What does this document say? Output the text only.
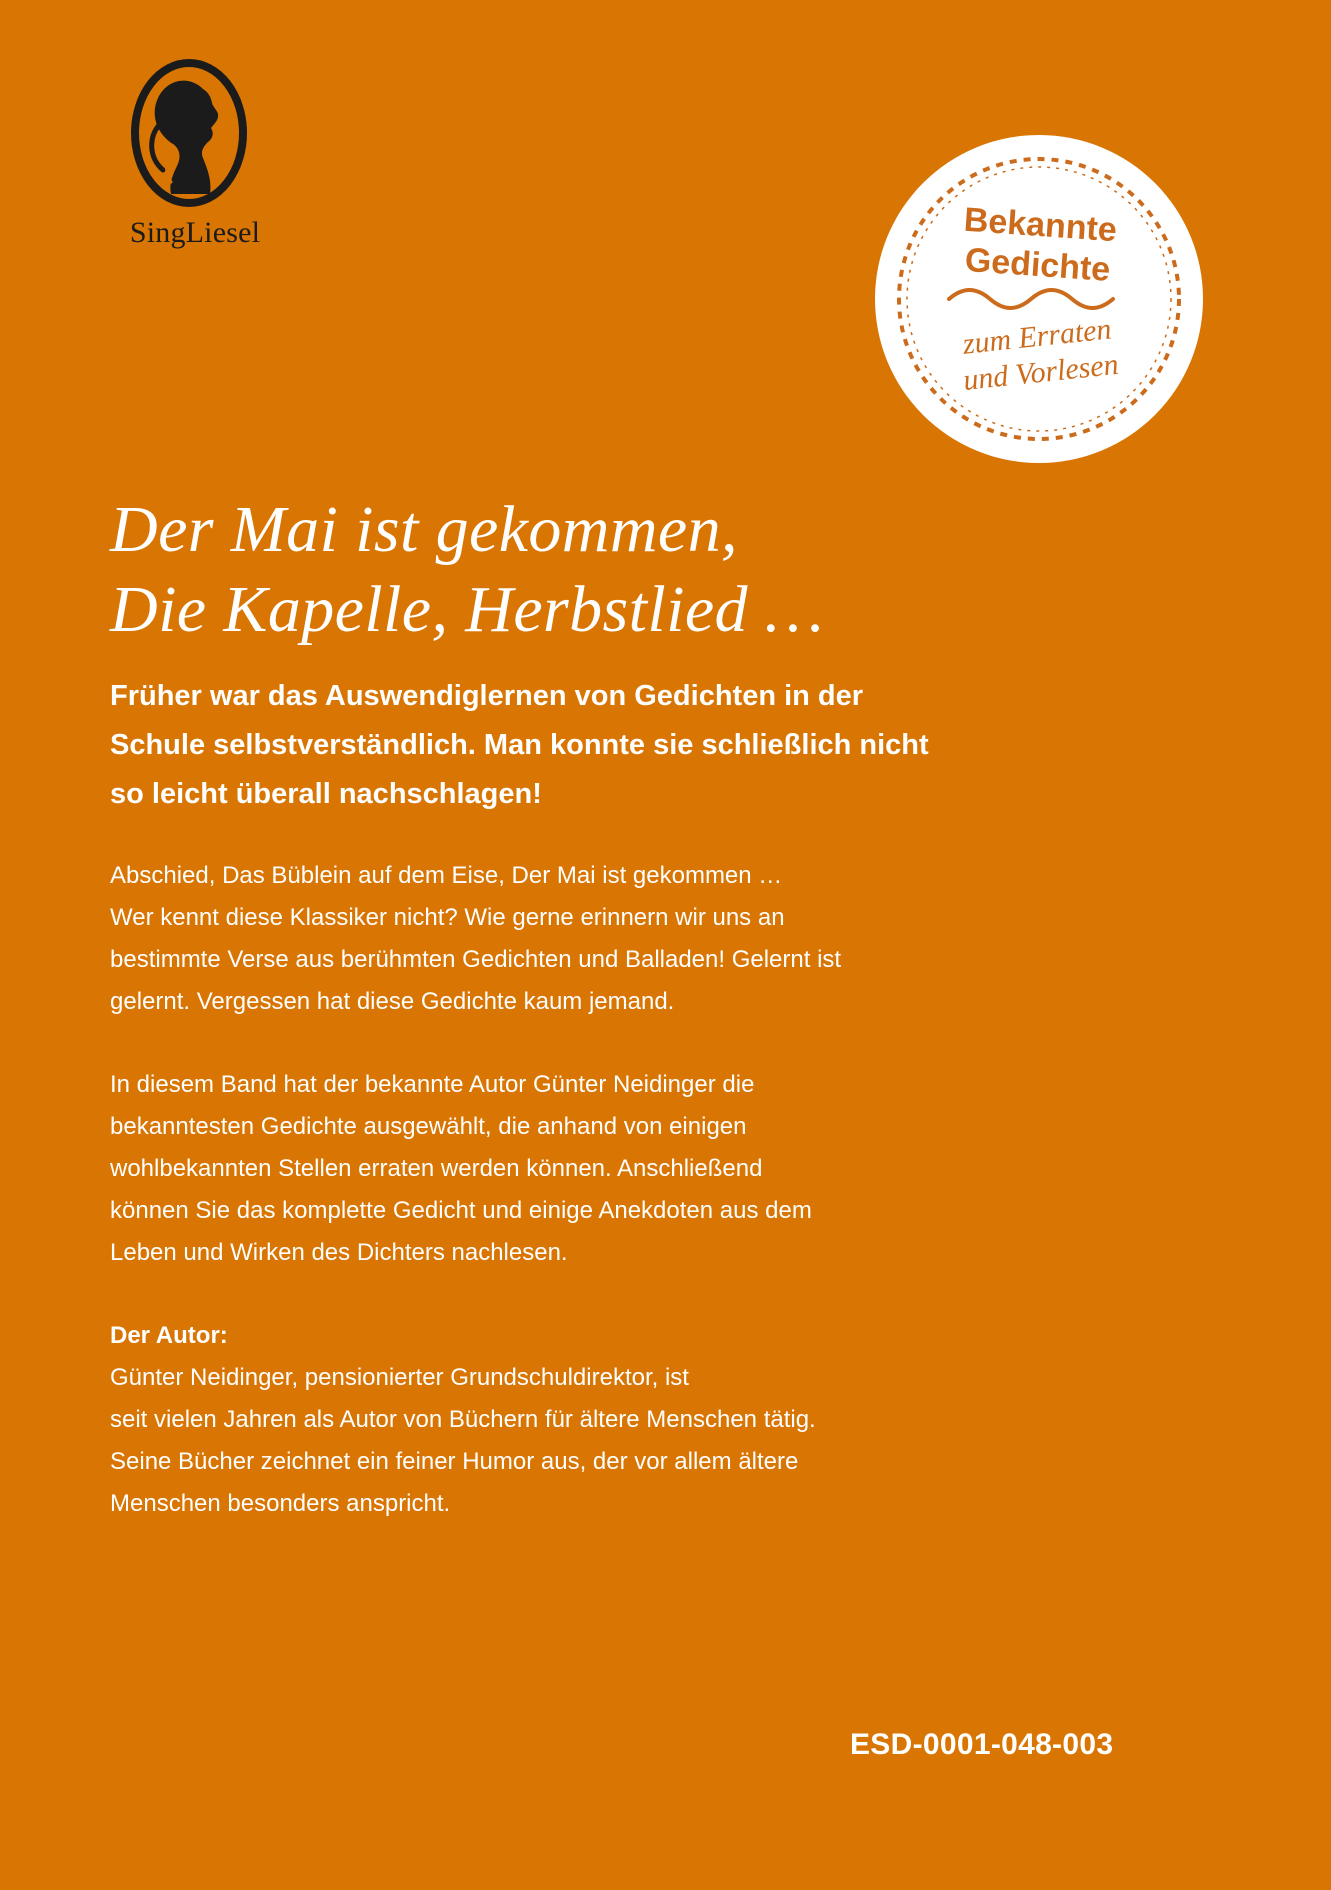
SingLiesel	Bekannte
Gedichte
zum Erraten
und Vorlesen
Der Mai ist gekommen,
Die Kapelle, Herbstlied …
Früher war das Auswendiglernen von Gedichten in der
Schule selbstverständlich. Man konnte sie schließlich nicht
so leicht überall nachschlagen!
Abschied, Das Büblein auf dem Eise, Der Mai ist gekommen …
Wer kennt diese Klassiker nicht? Wie gerne erinnern wir uns an
bestimmte Verse aus berühmten Gedichten und Balladen! Gelernt ist
gelernt. Vergessen hat diese Gedichte kaum jemand.
In diesem Band hat der bekannte Autor Günter Neidinger die
bekanntesten Gedichte ausgewählt, die anhand von einigen
wohlbekannten Stellen erraten werden können. Anschließend
können Sie das komplette Gedicht und einige Anekdoten aus dem
Leben und Wirken des Dichters nachlesen.
Der Autor:
Günter Neidinger, pensionierter Grundschuldirektor, ist
seit vielen Jahren als Autor von Büchern für ältere Menschen tätig.
Seine Bücher zeichnet ein feiner Humor aus, der vor allem ältere
Menschen besonders anspricht.
ESD-0001-048-003
